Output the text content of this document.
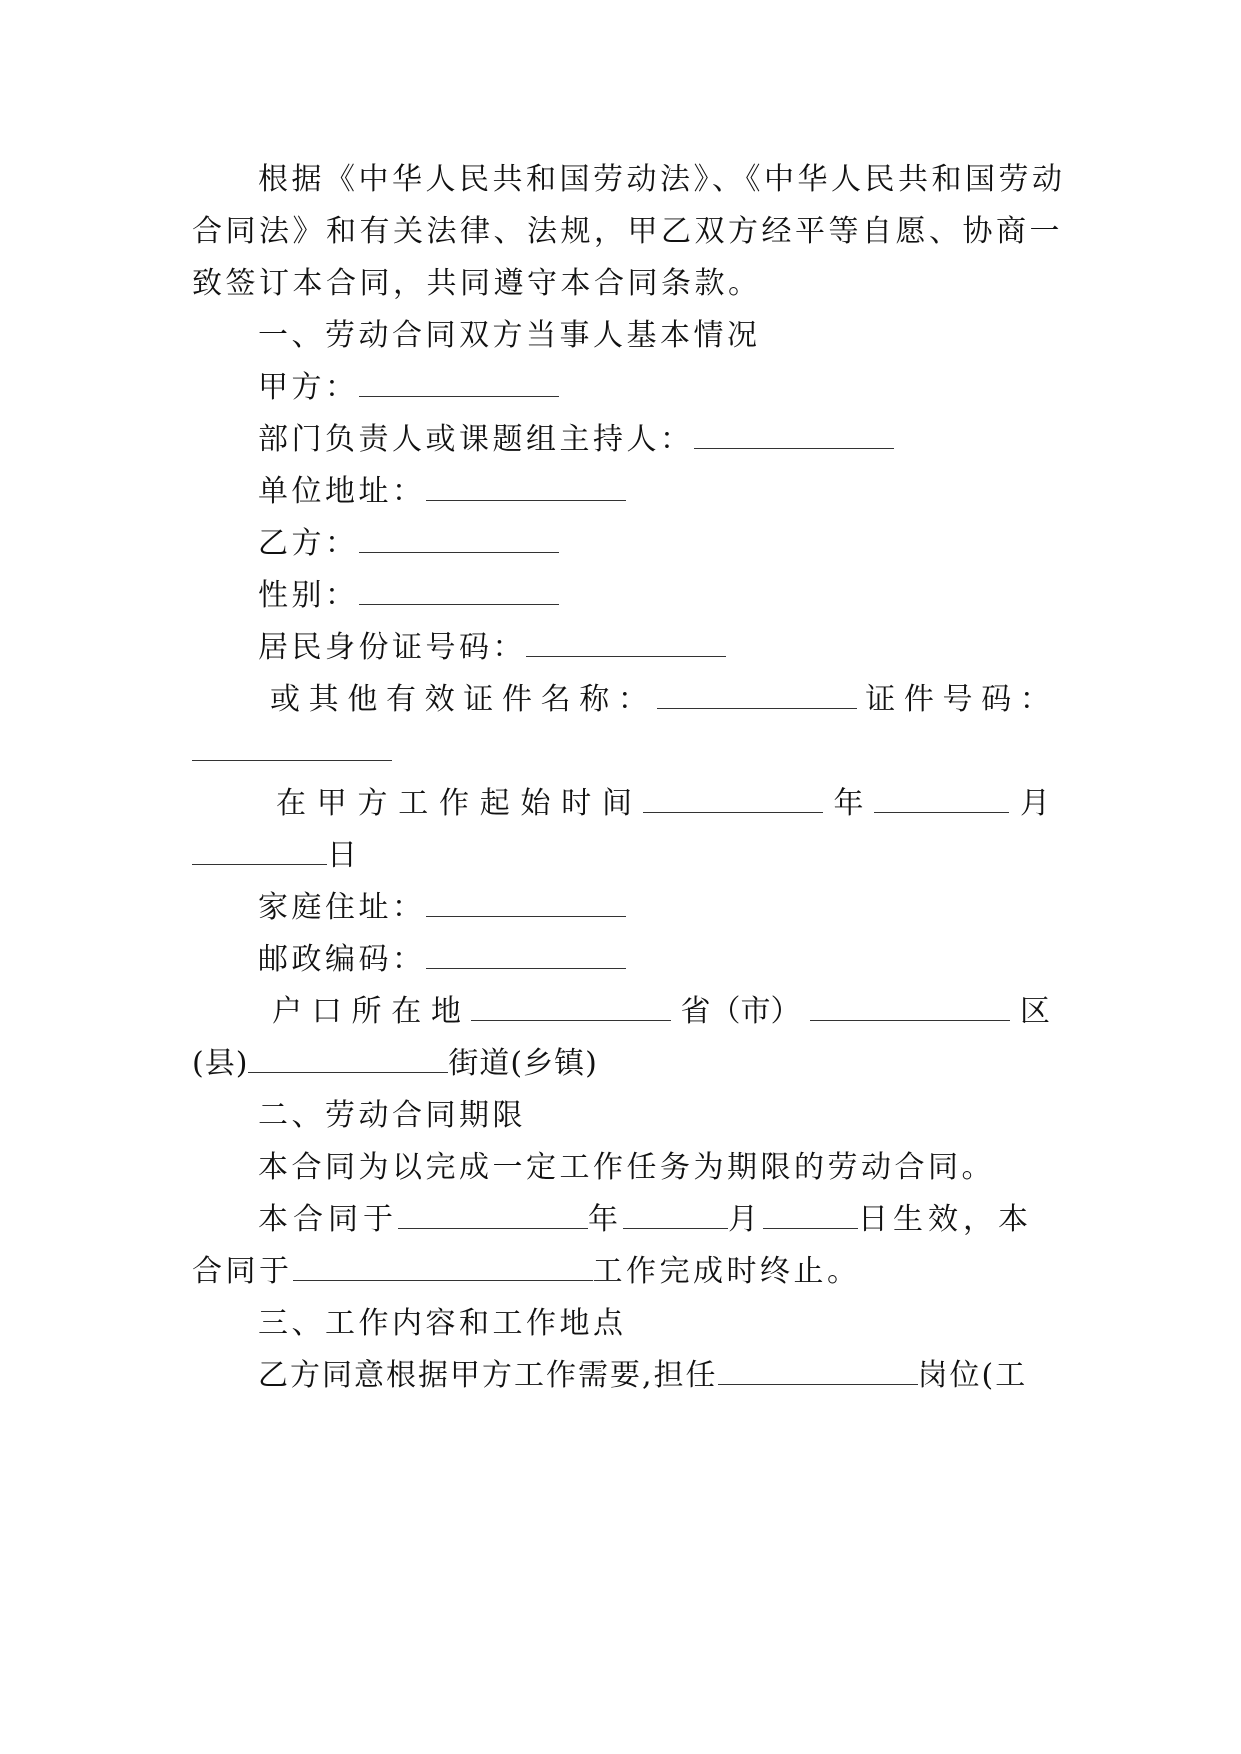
根据《中华人民共和国劳动法》、《中华人民共和国劳动
合同法》和有关法律、法规，甲乙双方经平等自愿、协商一
致签订本合同，共同遵守本合同条款。
一、劳动合同双方当事人基本情况
甲方：
部门负责人或课题组主持人：
单位地址：
乙方：
性别：
居民身份证号码：
或 其 他 有 效 证 件 名 称 ：	证 件 号 码 ：
在 甲 方 工 作 起 始 时 间	年	月
日
家庭住址：
邮政编码：
户 口 所 在 地	省（市）	区
(县)	街道(乡镇)
二、劳动合同期限
本合同为以完成一定工作任务为期限的劳动合同。
本合同于	年	月	日生效，本
合同于	工作完成时终止。
三、工作内容和工作地点
乙方同意根据甲方工作需要,担任	岗位(工
